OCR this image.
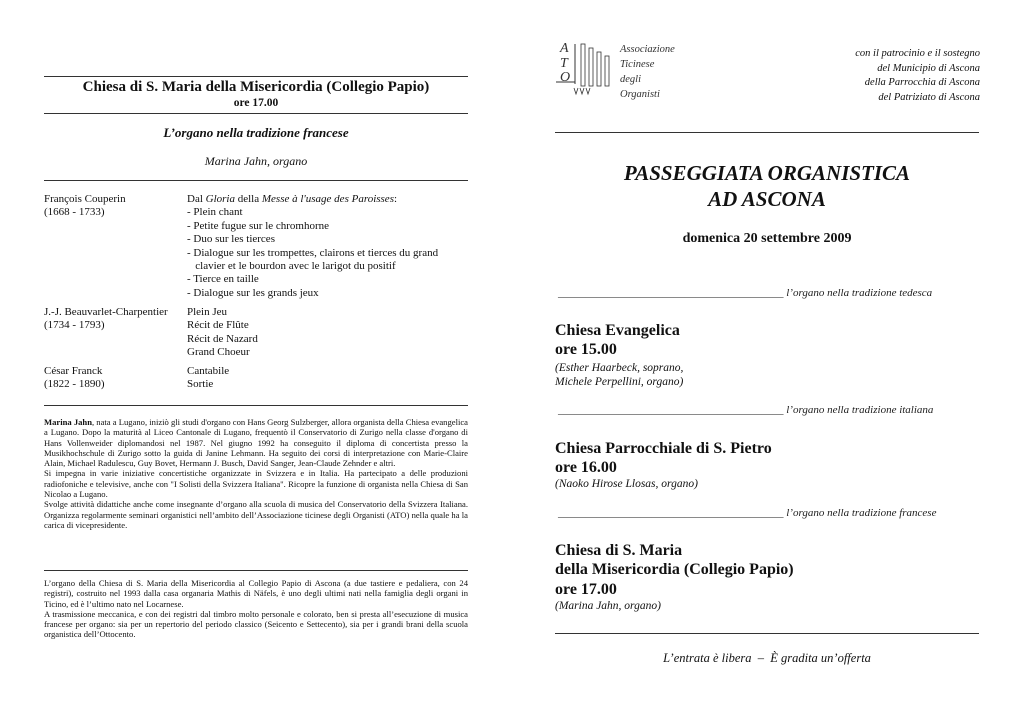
Chiesa di S. Maria della Misericordia (Collegio Papio)
ore 17.00
L’organo nella tradizione francese
Marina Jahn, organo
François Couperin
(1668 - 1733)
Dal Gloria della Messe à l'usage des Paroisses:
- Plein chant
- Petite fugue sur le chromhorne
- Duo sur les tierces
- Dialogue sur les trompettes, clairons et tierces du grand
clavier et le bourdon avec le larigot du positif
- Tierce en taille
- Dialogue sur les grands jeux
J.-J. Beauvarlet-Charpentier
(1734 - 1793)
Plein Jeu
Récit de Flûte
Récit de Nazard
Grand Choeur
César Franck
(1822 - 1890)
Cantabile
Sortie

Marina Jahn, nata a Lugano, iniziò gli studi d'organo con Hans Georg Sulzberger, allora organista della Chiesa evangelica a Lugano. Dopo la maturità al Liceo Cantonale di Lugano, frequentò il Conservatorio di Zurigo nella classe d'organo di Hans Vollenweider diplomandosi nel 1987. Nel giugno 1992 ha conseguito il diploma di concertista presso la Musikhochschule di Zurigo sotto la guida di Janine Lehmann. Ha seguito dei corsi di interpretazione con Marie-Claire Alain, Michael Radulescu, Guy Bovet, Hermann J. Busch, David Sanger, Jean-Claude Zehnder e altri.

Si impegna in varie iniziative concertistiche organizzate in Svizzera e in Italia. Ha partecipato a delle produzioni radiofoniche e televisive, anche con "I Solisti della Svizzera Italiana". Ricopre la funzione di organista nella Chiesa di San Nicolao a Lugano.

Svolge attività didattiche anche come insegnante d’organo alla scuola di musica del Conservatorio della Svizzera Italiana. Organizza regolarmente seminari organistici nell’ambito dell’Associazione ticinese degli Organisti (ATO) nella quale ha la carica di vicepresidente.

L’organo della Chiesa di S. Maria della Misericordia al Collegio Papio di Ascona (a due tastiere e pedaliera, con 24 registri), costruito nel 1993 dalla casa organaria Mathis di Näfels, è uno degli ultimi nati nella famiglia degli organi in Ticino, ed è l’ultimo nato nel Locarnese.

A trasmissione meccanica, e con dei registri dal timbro molto personale e colorato, ben si presta all’esecuzione di musica francese per organo: sia per un repertorio del periodo classico (Seicento e Settecento), sia per i grandi brani della scuola organistica dell’Ottocento.

A
T
O
Associazione
Ticinese
degli
Organisti
con il patrocinio e il sostegno
del Municipio di Ascona
della Parrocchia di Ascona
del Patriziato di Ascona
PASSEGGIATA ORGANISTICA
AD ASCONA
domenica 20 settembre 2009
_________________________________________ l’organo nella tradizione tedesca
Chiesa Evangelica
ore 15.00
(Esther Haarbeck, soprano,
Michele Perpellini, organo)
_________________________________________ l’organo nella tradizione italiana
Chiesa Parrocchiale di S. Pietro
ore 16.00
(Naoko Hirose Llosas, organo)
_________________________________________ l’organo nella tradizione francese
Chiesa di S. Maria
della Misericordia (Collegio Papio)
ore 17.00
(Marina Jahn, organo)
L’entrata è libera  –  È gradita un’offerta
